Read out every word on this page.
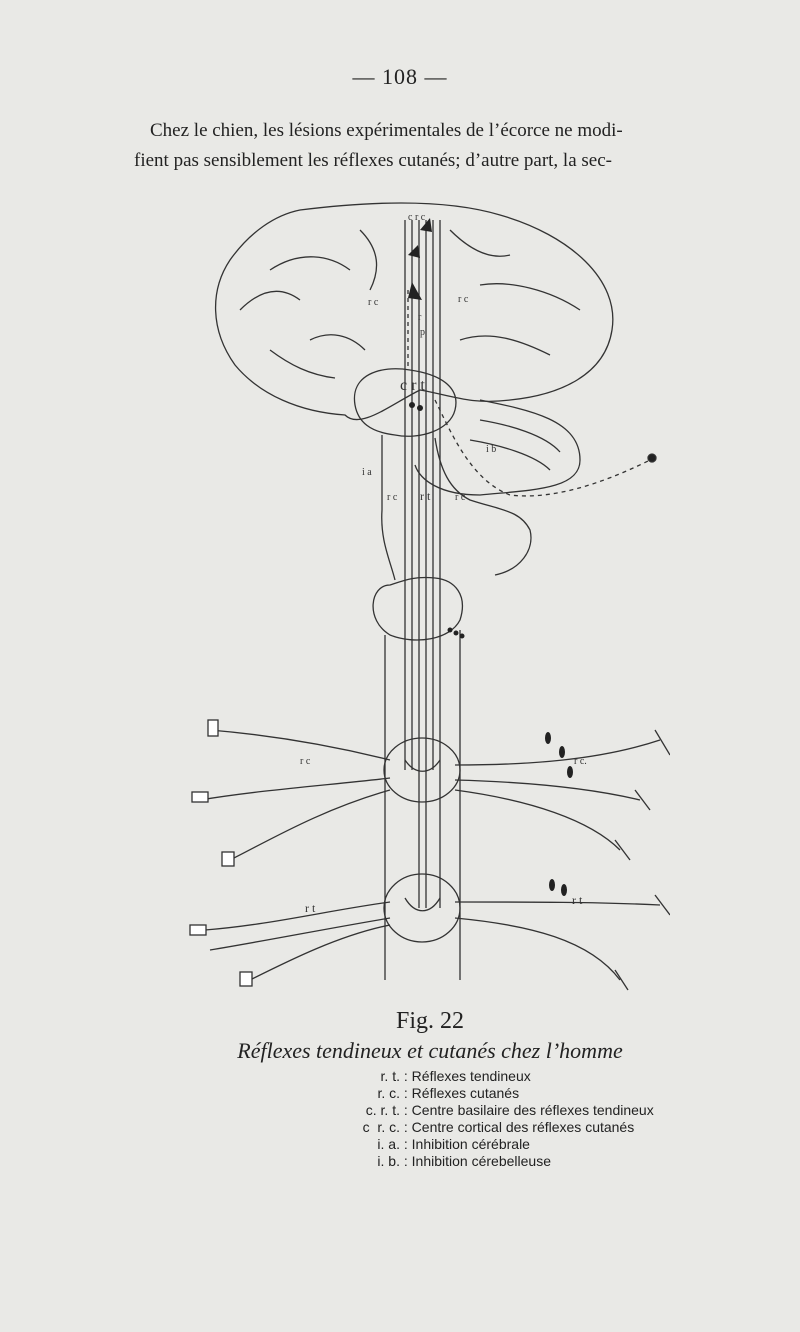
— 108 —

Chez le chien, les lésions expérimentales de l’écorce ne modi-

fient pas sensiblement les réflexes cutanés; d’autre part, la sec-

c r c
r c	r c
r
p
c r t
i a
i b
r c r t r c
r c	r c.
r t
r t
Fig. 22
Réflexes tendineux et cutanés chez l’homme
r. t. : Réflexes tendineux
r. c. : Réflexes cutanés
c. r. t. : Centre basilaire des réflexes tendineux
c  r. c. : Centre cortical des réflexes cutanés
i. a. : Inhibition cérébrale
i. b. : Inhibition cérebelleuse
